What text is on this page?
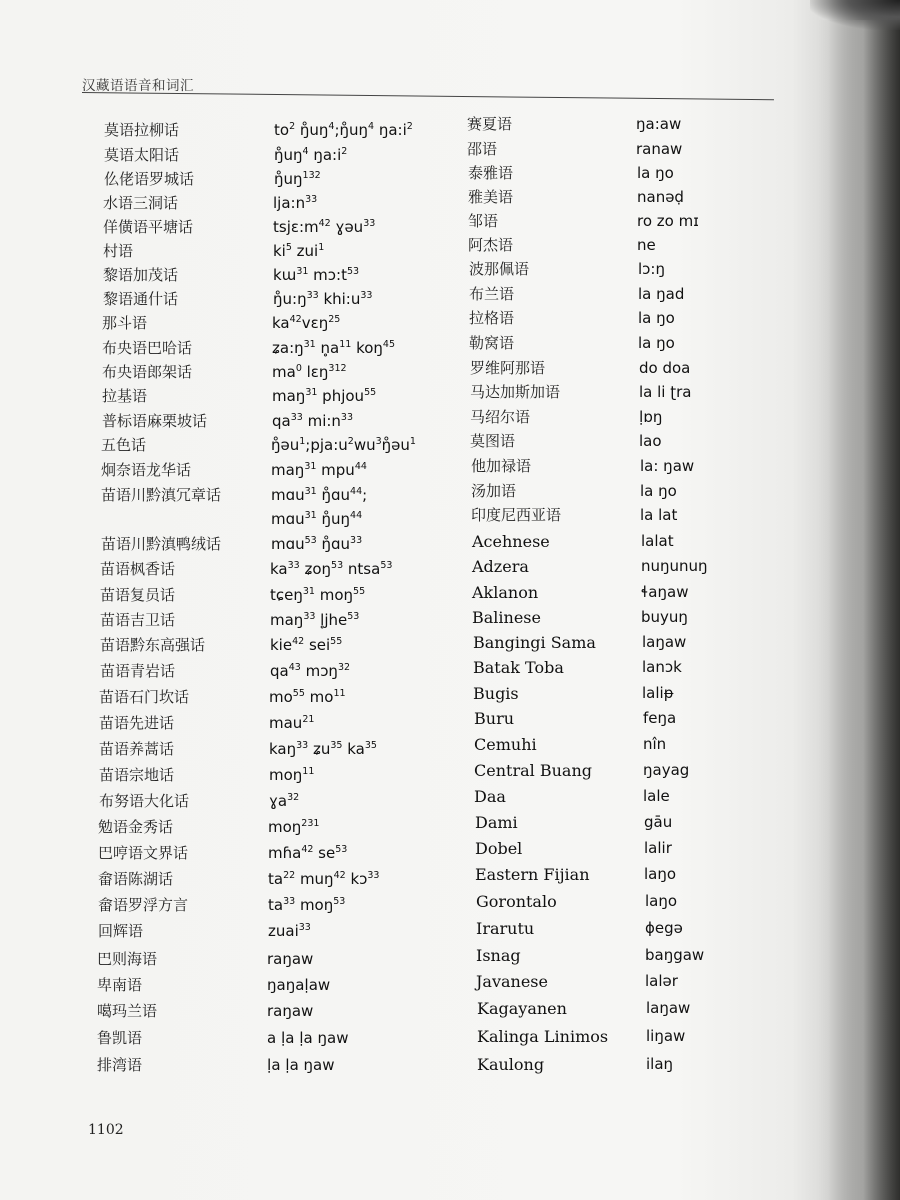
汉藏语语音和词汇
莫语拉柳话	$to^2$ $ŋ̊uŋ^4;ŋ̊uŋ^4$ $ŋa:i^2$
莫语太阳话	$ŋ̊uŋ^4$ $ŋa:i^2$
仫佬语罗城话	$ŋ̊uŋ^{132}$
水语三洞话	$lja:n^{33}$
佯僙语平塘话	$tsjɛ:m^{42}$ ɣəu$^{33}$
村语	$ki^5$ zui$^1$
黎语加茂话	kɯ$^{31}$ $mɔ:t^{53}$
黎语通什话	$ŋ̊u:ŋ^{33}$ $khi:u^{33}$
那斗语	$ka^{42}vɛŋ^{25}$
布央语巴哈话	$ʑa:ŋ^{31}$ $n̥a^{11}$ koŋ$^{45}$
布央语郎架话	$ma^0$ lɛŋ$^{312}$
拉基语	maŋ$^{31}$ phjou$^{55}$
普标语麻栗坡话	$qa^{33}$ $mi:n^{33}$
五色话	$ŋ̊əu^1;pja:u^2wu^3ŋ̊əu^1$
炯奈语龙华话	maŋ$^{31}$ mpu$^{44}$
苗语川黔滇冗章话	mɑu$^{31}$ ŋ̊ɑu$^{44}$;
mɑu$^{31}$ $ŋ̊uŋ^{44}$
苗语川黔滇鸭绒话	mɑu$^{53}$ ŋ̊ɑu$^{33}$
苗语枫香话	$ka^{33}$ ʑoŋ$^{53}$ ntsa$^{53}$
苗语复员话	tɕeŋ$^{31}$ moŋ$^{55}$
苗语吉卫话	maŋ$^{33}$ l̥jhe$^{53}$
苗语黔东高强话	kie$^{42}$ sei$^{55}$
苗语青岩话	$qa^{43}$ mɔŋ$^{32}$
苗语石门坎话	$mo^{55}$ $mo^{11}$
苗语先进话	mau$^{21}$
苗语养蒿话	kaŋ$^{33}$ ʑu$^{35}$ $ka^{35}$
苗语宗地话	moŋ$^{11}$
布努语大化话	ɣa$^{32}$
勉语金秀话	moŋ$^{231}$
巴哼语文界话	mɦa$^{42}$ $se^{53}$
畲语陈湖话	$ta^{22}$ muŋ$^{42}$ kɔ$^{33}$
畲语罗浮方言	$ta^{33}$ moŋ$^{53}$
回辉语	zuai$^{33}$
巴则海语	raŋaw
卑南语	ŋaŋaḷaw
噶玛兰语	raŋaw
鲁凯语	a ḷa ḷa ŋaw
排湾语	ḷa ḷa ŋaw
赛夏语	ŋa:aw
邵语	ranaw
泰雅语	la ŋo
雅美语	nanəḍ
邹语	ro zo mɪ
阿杰语	ne
波那佩语	lɔ:ŋ
布兰语	la ŋad
拉格语	la ŋo
勒窝语	la ŋo
罗维阿那语	do doa
马达加斯加语	la li ʈra
马绍尔语	ḷɒŋ
莫图语	lao
他加禄语	la: ŋaw
汤加语	la ŋo
印度尼西亚语	la lat
Acehnese	lalat
Adzera	nuŋunuŋ
Aklanon	ɬaŋaw
Balinese	buyuŋ
Bangingi Sama	laŋaw
Batak Toba	lanɔk
Bugis	laliᵽ
Buru	feŋa
Cemuhi	nîn
Central Buang	ŋayag
Daa	lale
Dami	gāu
Dobel	lalir
Eastern Fijian	laŋo
Gorontalo	laŋo
Irarutu	ɸegə
Isnag	baŋgaw
Javanese	lalər
Kagayanen	laŋaw
Kalinga Linimos	liŋaw
Kaulong	ilaŋ
1102
